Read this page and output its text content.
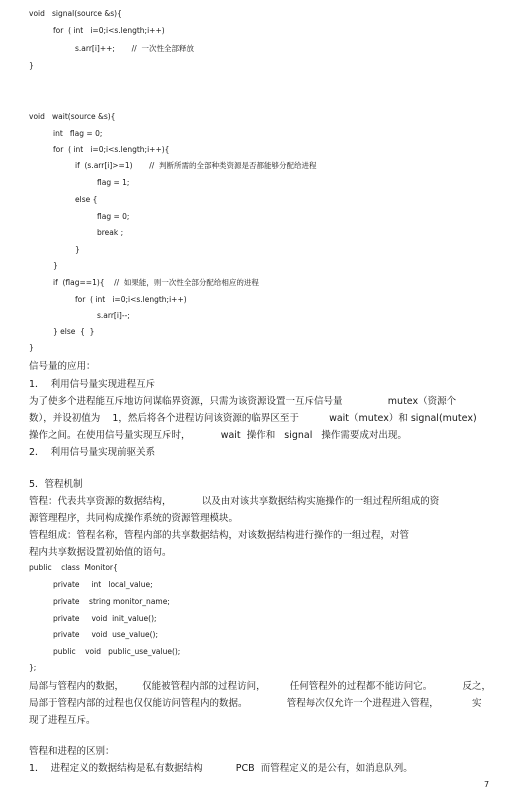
void   signal(source &s){
for  ( int   i=0;i<s.length;i++)
s.arr[i]++;       //  一次性全部释放
}
void   wait(source &s){
int   flag = 0;
for  ( int   i=0;i<s.length;i++){
if  (s.arr[i]>=1)       //  判断所需的全部种类资源是否都能够分配给进程
flag = 1;
else {
flag = 0;
break ;
}
}
if  (flag==1){    //  如果能，则一次性全部分配给相应的进程
for  ( int   i=0;i<s.length;i++)
s.arr[i]--;
} else  {  }
}
信号量的应用：
1．  利用信号量实现进程互斥
为了使多个进程能互斥地访问谋临界资源，只需为该资源设置一互斥信号量               mutex（资源个
数），并设初值为    1，然后将各个进程访问该资源的临界区至于          wait（mutex）和 signal(mutex)
操作之间。在使用信号量实现互斥时，          wait  操作和   signal   操作需要成对出现。
2．  利用信号量实现前驱关系
5．管程机制
管程：代表共享资源的数据结构，          以及由对该共享数据结构实施操作的一组过程所组成的资
源管理程序，共同构成操作系统的资源管理模块。
管程组成：管程名称，管程内部的共享数据结构，对该数据结构进行操作的一组过程，对管
程内共享数据设置初始值的语句。
public    class  Monitor{
private     int   local_value;
private    string monitor_name;
private     void  init_value();
private     void  use_value();
public    void   public_use_value();
};
局部与管程内的数据，      仅能被管程内部的过程访问，        任何管程外的过程都不能访问它。          反之，
局部于管程内部的过程也仅仅能访问管程内的数据。             管程每次仅允许一个进程进入管程，           实
现了进程互斥。
管程和进程的区别：
1．  进程定义的数据结构是私有数据结构           PCB  而管程定义的是公有，如消息队列。
7
